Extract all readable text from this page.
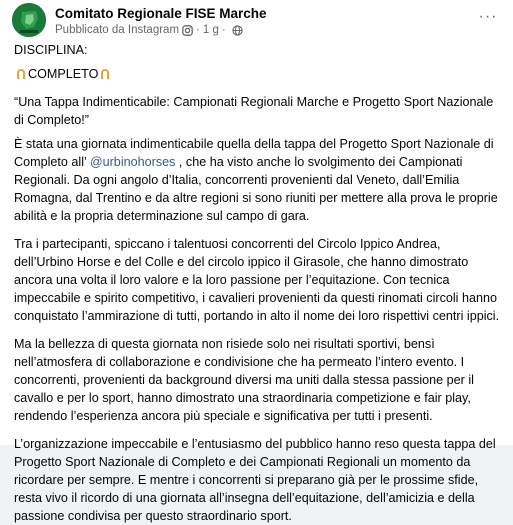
Comitato Regionale FISE Marche
Pubblicato da Instagram · 1 g ·
···

DISCIPLINA:

COMPLETO

“Una Tappa Indimenticabile: Campionati Regionali Marche e Progetto Sport Nazionale di Completo!”

È stata una giornata indimenticabile quella della tappa del Progetto Sport Nazionale di Completo all’ @urbinohorses , che ha visto anche lo svolgimento dei Campionati Regionali. Da ogni angolo d’Italia, concorrenti provenienti dal Veneto, dall’Emilia Romagna, dal Trentino e da altre regioni si sono riuniti per mettere alla prova le proprie abilità e la propria determinazione sul campo di gara.

Tra i partecipanti, spiccano i talentuosi concorrenti del Circolo Ippico Andrea, dell’Urbino Horse e del Colle e del circolo ippico il Girasole, che hanno dimostrato ancora una volta il loro valore e la loro passione per l’equitazione. Con tecnica impeccabile e spirito competitivo, i cavalieri provenienti da questi rinomati circoli hanno conquistato l’ammirazione di tutti, portando in alto il nome dei loro rispettivi centri ippici.

Ma la bellezza di questa giornata non risiede solo nei risultati sportivi, bensì nell’atmosfera di collaborazione e condivisione che ha permeato l’intero evento. I concorrenti, provenienti da background diversi ma uniti dalla stessa passione per il cavallo e per lo sport, hanno dimostrato una straordinaria competizione e fair play, rendendo l’esperienza ancora più speciale e significativa per tutti i presenti.

L’organizzazione impeccabile e l’entusiasmo del pubblico hanno reso questa tappa del Progetto Sport Nazionale di Completo e dei Campionati Regionali un momento da ricordare per sempre. E mentre i concorrenti si preparano già per le prossime sfide, resta vivo il ricordo di una giornata all’insegna dell’equitazione, dell’amicizia e della passione condivisa per questo straordinario sport.
